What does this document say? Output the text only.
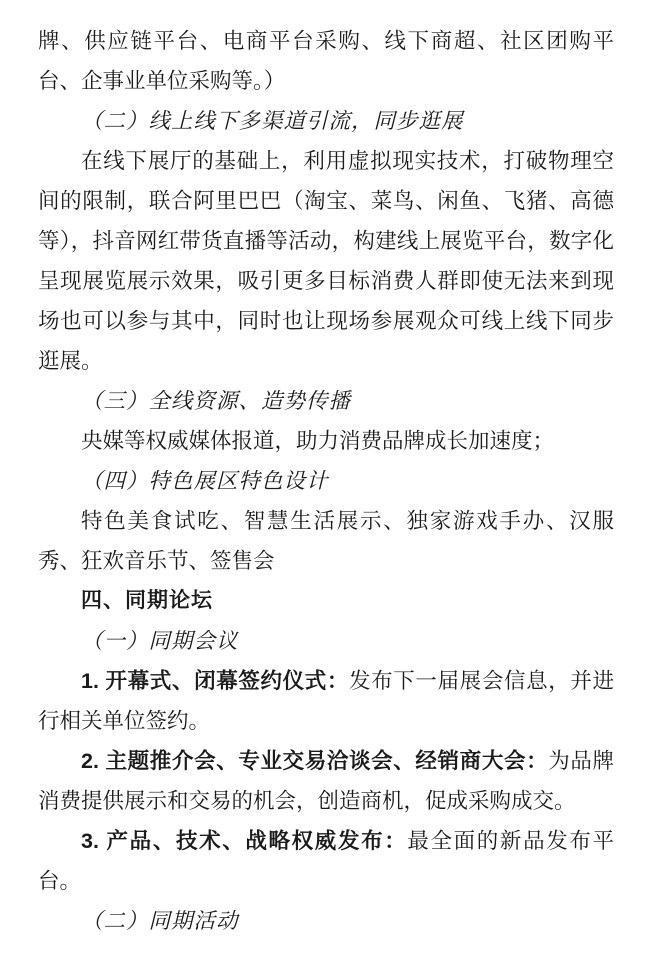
牌、供应链平台、电商平台采购、线下商超、社区团购平台、企事业单位采购等。）

（二）线上线下多渠道引流，同步逛展

在线下展厅的基础上，利用虚拟现实技术，打破物理空间的限制，联合阿里巴巴（淘宝、菜鸟、闲鱼、飞猪、高德等），抖音网红带货直播等活动，构建线上展览平台，数字化呈现展览展示效果，吸引更多目标消费人群即使无法来到现场也可以参与其中，同时也让现场参展观众可线上线下同步逛展。

（三）全线资源、造势传播

央媒等权威媒体报道，助力消费品牌成长加速度；

（四）特色展区特色设计

特色美食试吃、智慧生活展示、独家游戏手办、汉服秀、狂欢音乐节、签售会

四、同期论坛

（一）同期会议

1. 开幕式、闭幕签约仪式：发布下一届展会信息，并进行相关单位签约。

2. 主题推介会、专业交易洽谈会、经销商大会：为品牌消费提供展示和交易的机会，创造商机，促成采购成交。

3. 产品、技术、战略权威发布：最全面的新品发布平台。

（二）同期活动
